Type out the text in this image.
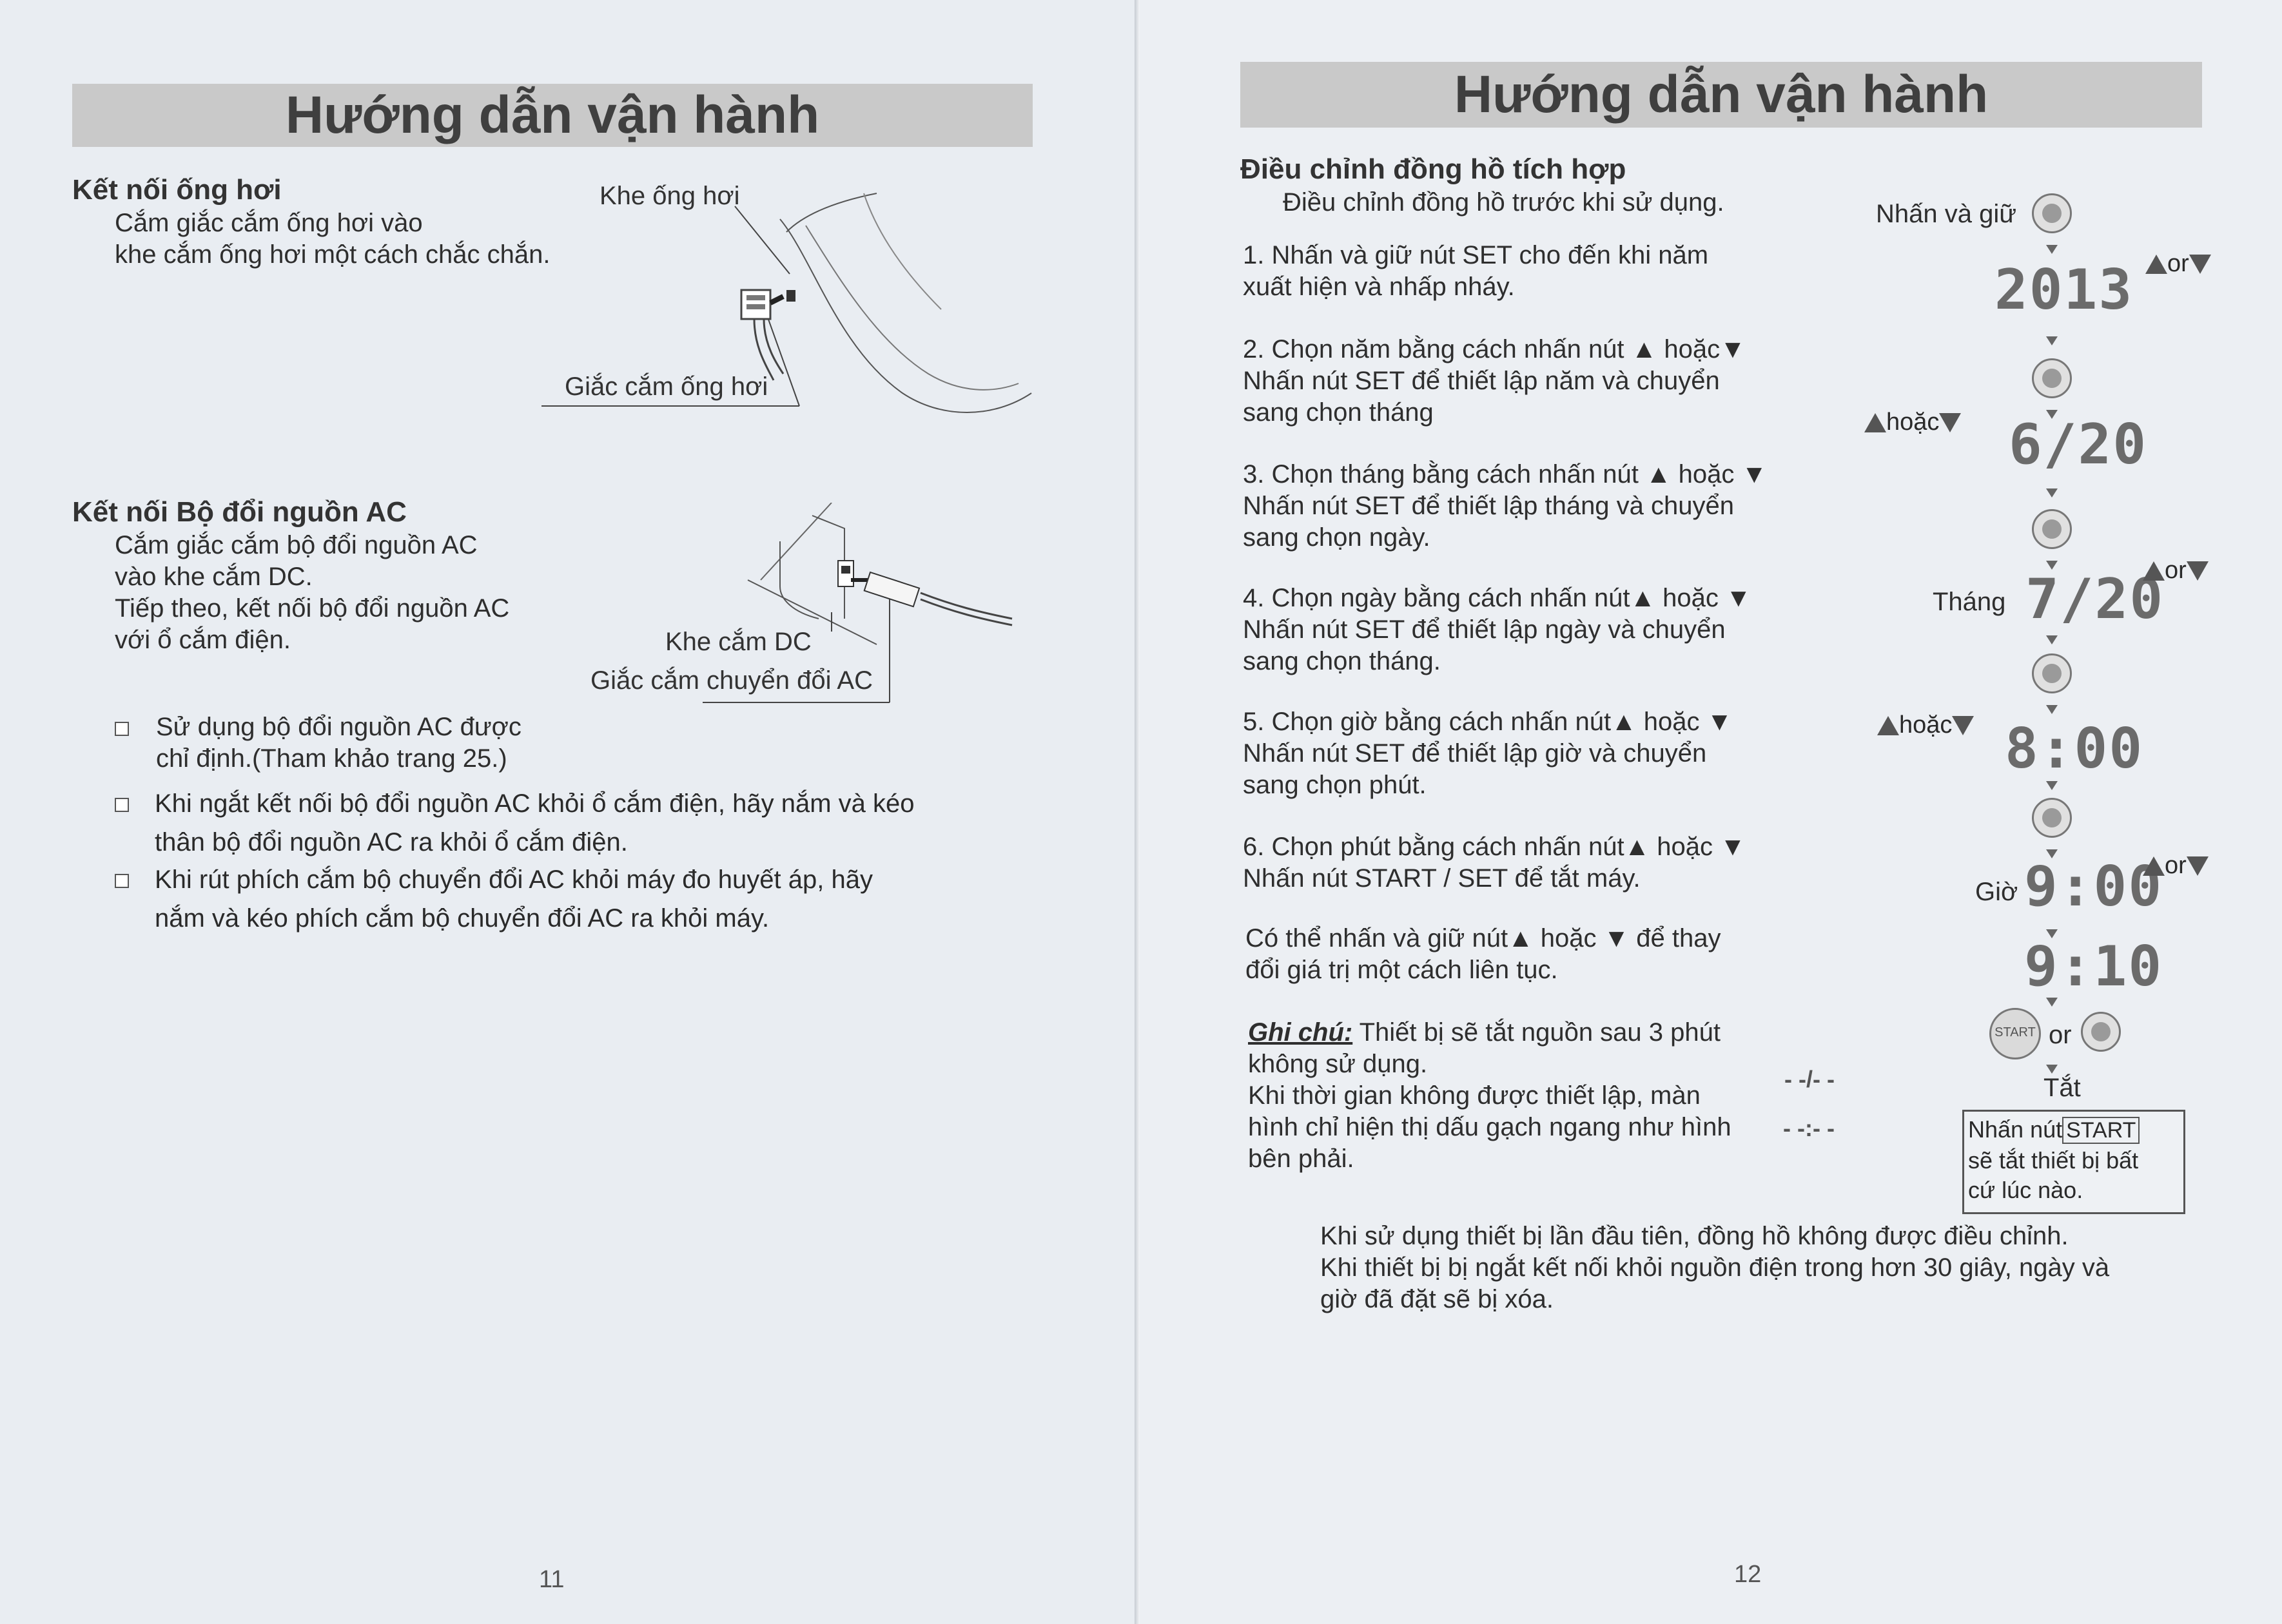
Hướng dẫn vận hành
Kết nối ống hơi
Cắm giắc cắm ống hơi vào
khe cắm ống hơi một cách chắc chắn.
Khe ống hơi
Giắc cắm ống hơi
Kết nối Bộ đổi nguồn AC
Cắm giắc cắm bộ đổi nguồn AC
vào khe cắm DC.
Tiếp theo, kết nối bộ đổi nguồn AC
với ổ cắm điện.	Khe cắm DC
Giắc cắm chuyển đổi AC
Sử dụng bộ đổi nguồn AC được
chỉ định.(Tham khảo trang 25.)
Khi ngắt kết nối bộ đổi nguồn AC khỏi ổ cắm điện, hãy nắm và kéo
thân bộ đổi nguồn AC ra khỏi ổ cắm điện.
Khi rút phích cắm bộ chuyển đổi AC khỏi máy đo huyết áp, hãy
nắm và kéo phích cắm bộ chuyển đổi AC ra khỏi máy.
11
Hướng dẫn vận hành
Điều chỉnh đồng hồ tích hợp
Điều chỉnh đồng hồ trước khi sử dụng.
1. Nhấn và giữ nút SET cho đến khi năm
xuất hiện và nhấp nháy.
2. Chọn năm bằng cách nhấn nút ▲ hoặc▼
Nhấn nút SET để thiết lập năm và chuyển
sang chọn tháng
3. Chọn tháng bằng cách nhấn nút ▲ hoặc ▼
Nhấn nút SET để thiết lập tháng và chuyển
sang chọn ngày.
4. Chọn ngày bằng cách nhấn nút▲ hoặc ▼
Nhấn nút SET để thiết lập ngày và chuyển
sang chọn tháng.
5. Chọn giờ bằng cách nhấn nút▲ hoặc ▼
Nhấn nút SET để thiết lập giờ và chuyển
sang chọn phút.
6. Chọn phút bằng cách nhấn nút▲ hoặc ▼
Nhấn nút START / SET để tắt máy.
Có thể nhấn và giữ nút▲ hoặc ▼ để thay
đổi giá trị một cách liên tục.
Ghi chú: Thiết bị sẽ tắt nguồn sau 3 phút
không sử dụng.
Khi thời gian không được thiết lập, màn
hình chỉ hiện thị dấu gạch ngang như hình
bên phải.
- -/- -
- -:- -
Khi sử dụng thiết bị lần đầu tiên, đồng hồ không được điều chỉnh.
Khi thiết bị bị ngắt kết nối khỏi nguồn điện trong hơn 30 giây, ngày và
giờ đã đặt sẽ bị xóa.
Nhấn và giữ
2013	or
hoặc	6/20
Tháng 7/20 or
hoặc 8:00
Giờ 9:00 or
9:10
START or
Tắt
Nhấn nút START
sẽ tắt thiết bị bất
cứ lúc nào.
12
